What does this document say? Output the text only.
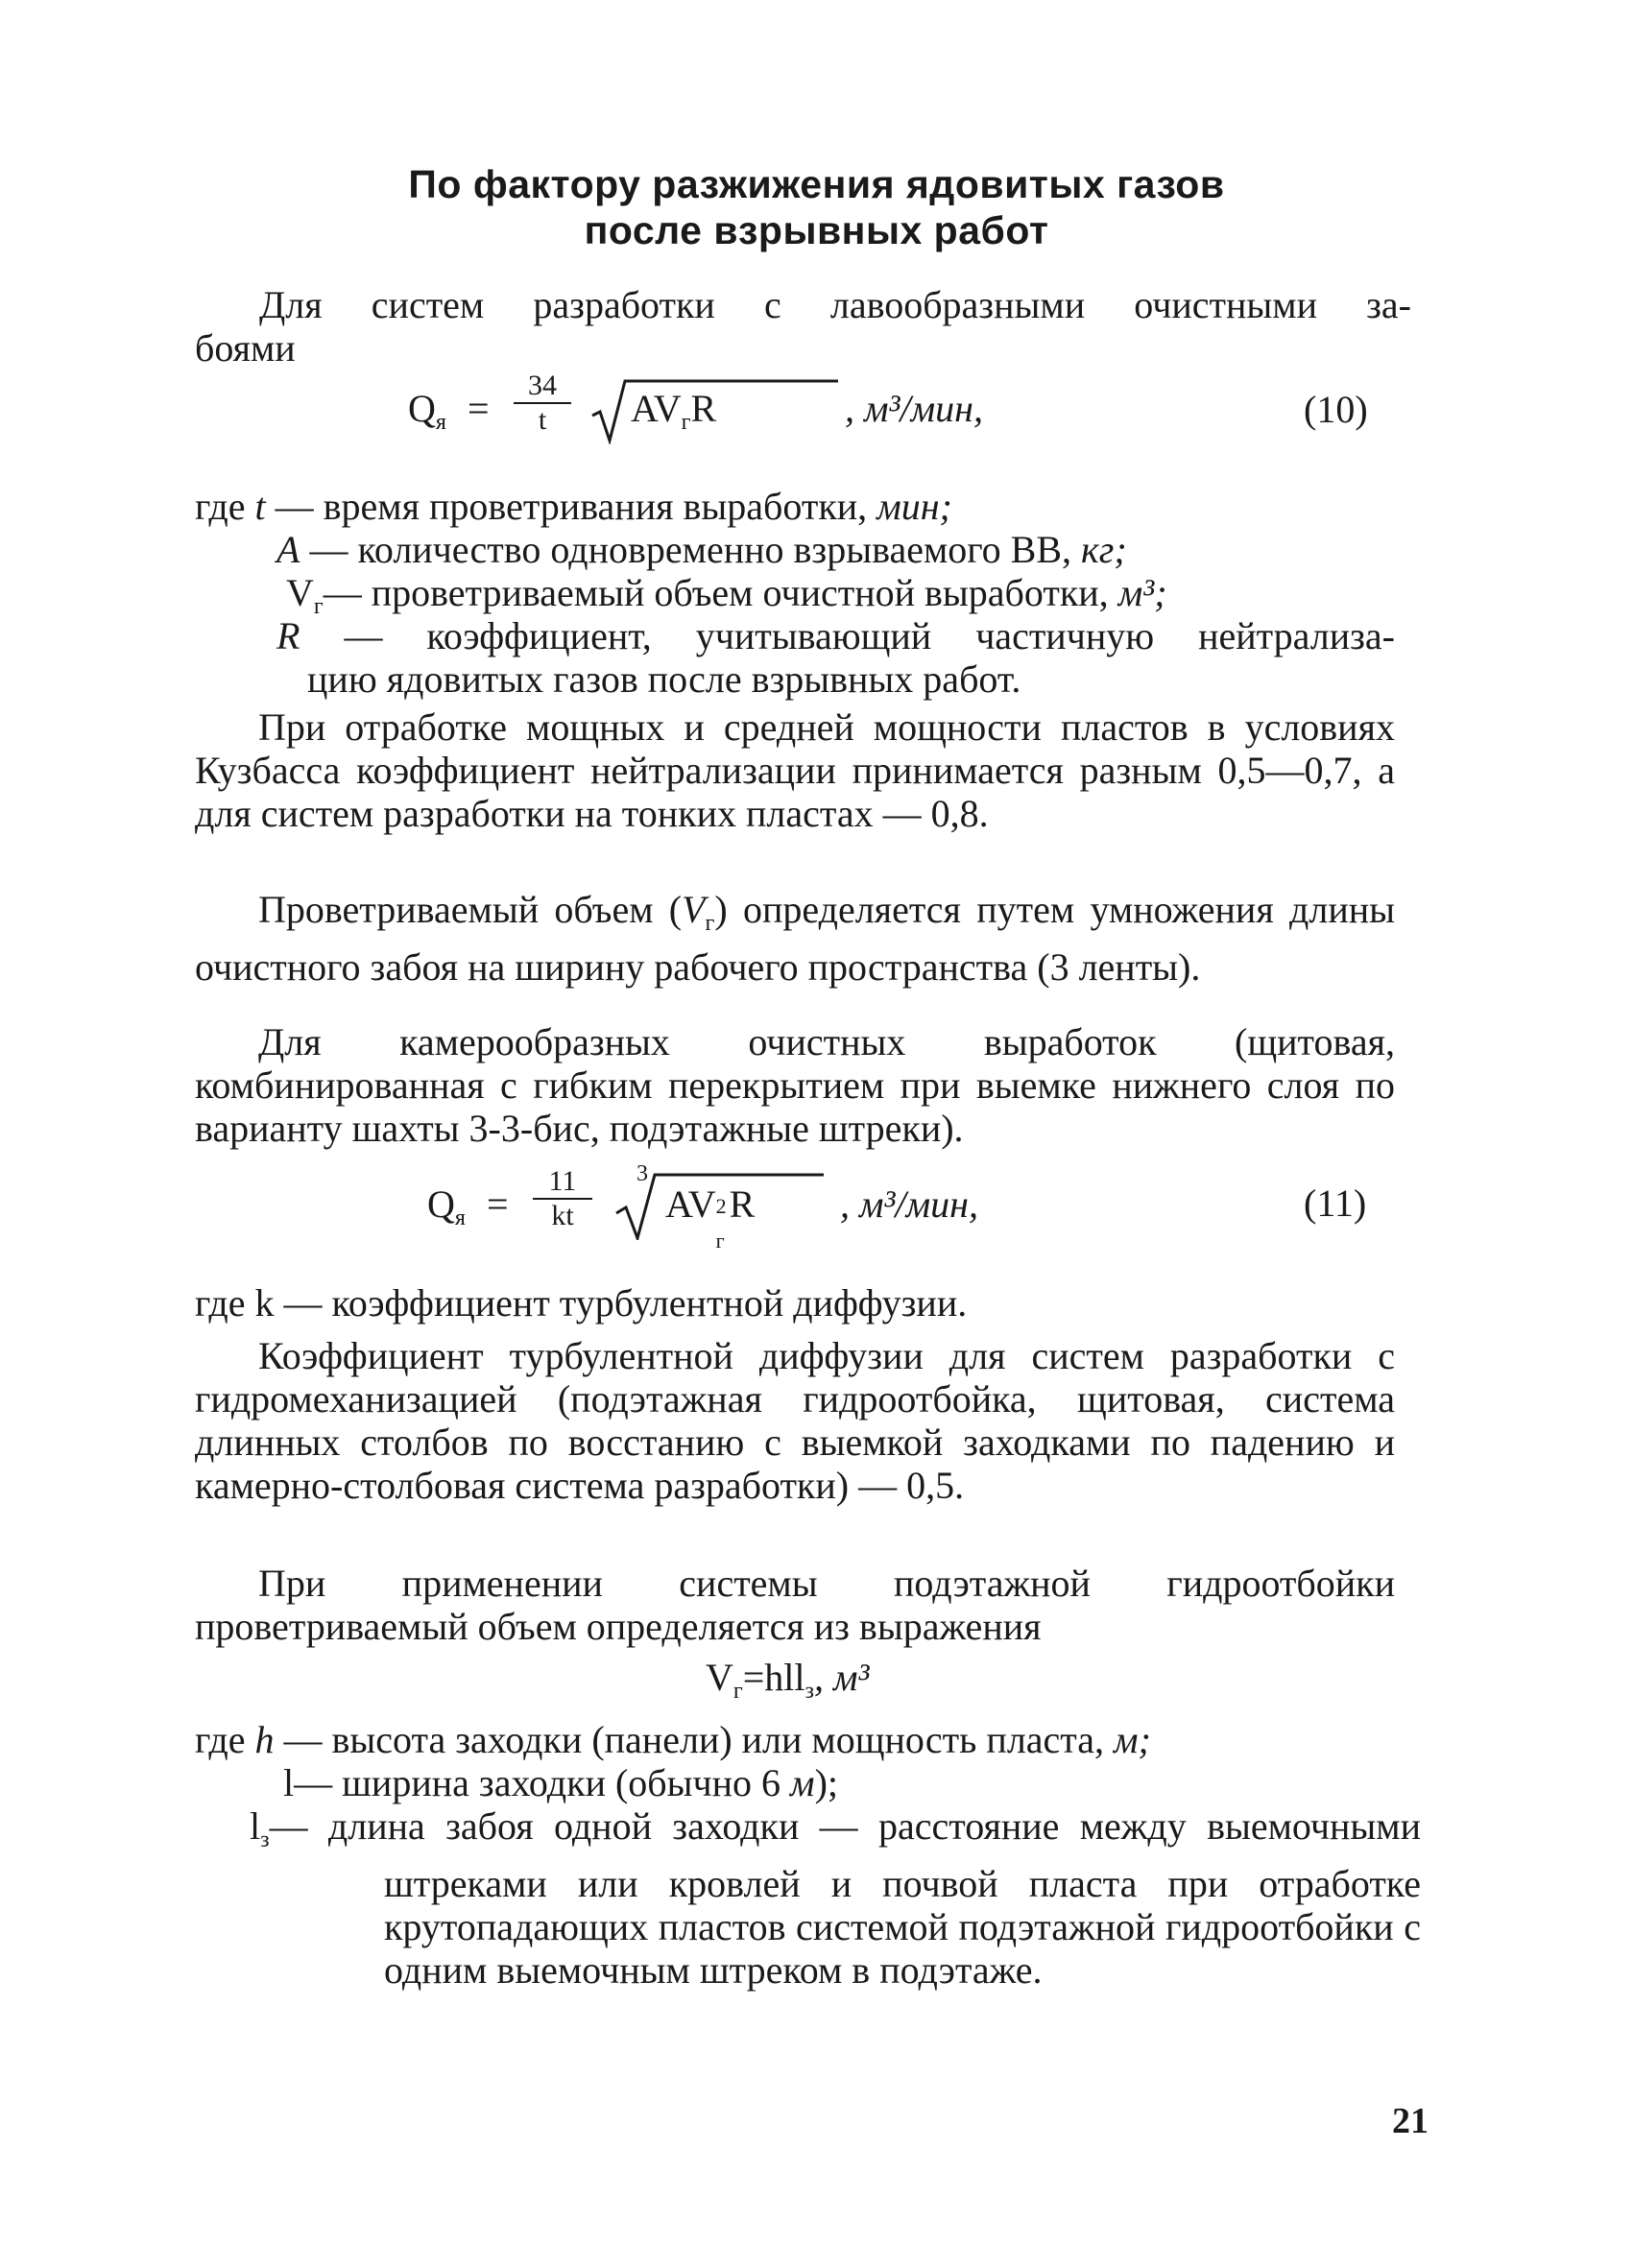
По фактору разжижения ядовитых газов
после взрывных работ
Для систем разработки с лавообразными очистными за-
боями
$Q_я$ =
34
t	$AV_гR$	, м³/мин,	(10)
где t — время проветривания выработки, мин;
A — количество одновременно взрываемого ВВ, кг;
$V_г—$ проветриваемый объем очистной выработки, м³;
R — коэффициент, учитывающий частичную нейтрализа-
цию ядовитых газов после взрывных работ.
При отработке мощных и средней мощности пластов в условиях Кузбасса коэффициент нейтрализации принимается разным 0,5—0,7, а для систем разработки на тонких пластах — 0,8.
Проветриваемый объем $(V_г)$ определяется путем умножения длины очистного забоя на ширину рабочего пространства (3 ленты).
Для камерообразных очистных выработок (щитовая, комбинированная с гибким перекрытием при выемке нижнего слоя по варианту шахты 3-3-бис, подэтажные штреки).
$Q_я$ =
11
kt
3
AV 2
г
R , м³/мин,	(11)
где k — коэффициент турбулентной диффузии.
Коэффициент турбулентной диффузии для систем разработки с гидромеханизацией (подэтажная гидроотбойка, щитовая, система длинных столбов по восстанию с выемкой заходками по падению и камерно-столбовая система разработки) — 0,5.
При применении системы подэтажной гидроотбойки проветриваемый объем определяется из выражения
$V_г=hll_з$, м³
где h — высота заходки (панели) или мощность пласта, м;
l— ширина заходки (обычно 6 м);
$l_з—$ длина забоя одной заходки — расстояние между выемочными штреками или кровлей и почвой пласта при отработке крутопадающих пластов системой подэтажной гидроотбойки с одним выемочным штреком в подэтаже.
21
